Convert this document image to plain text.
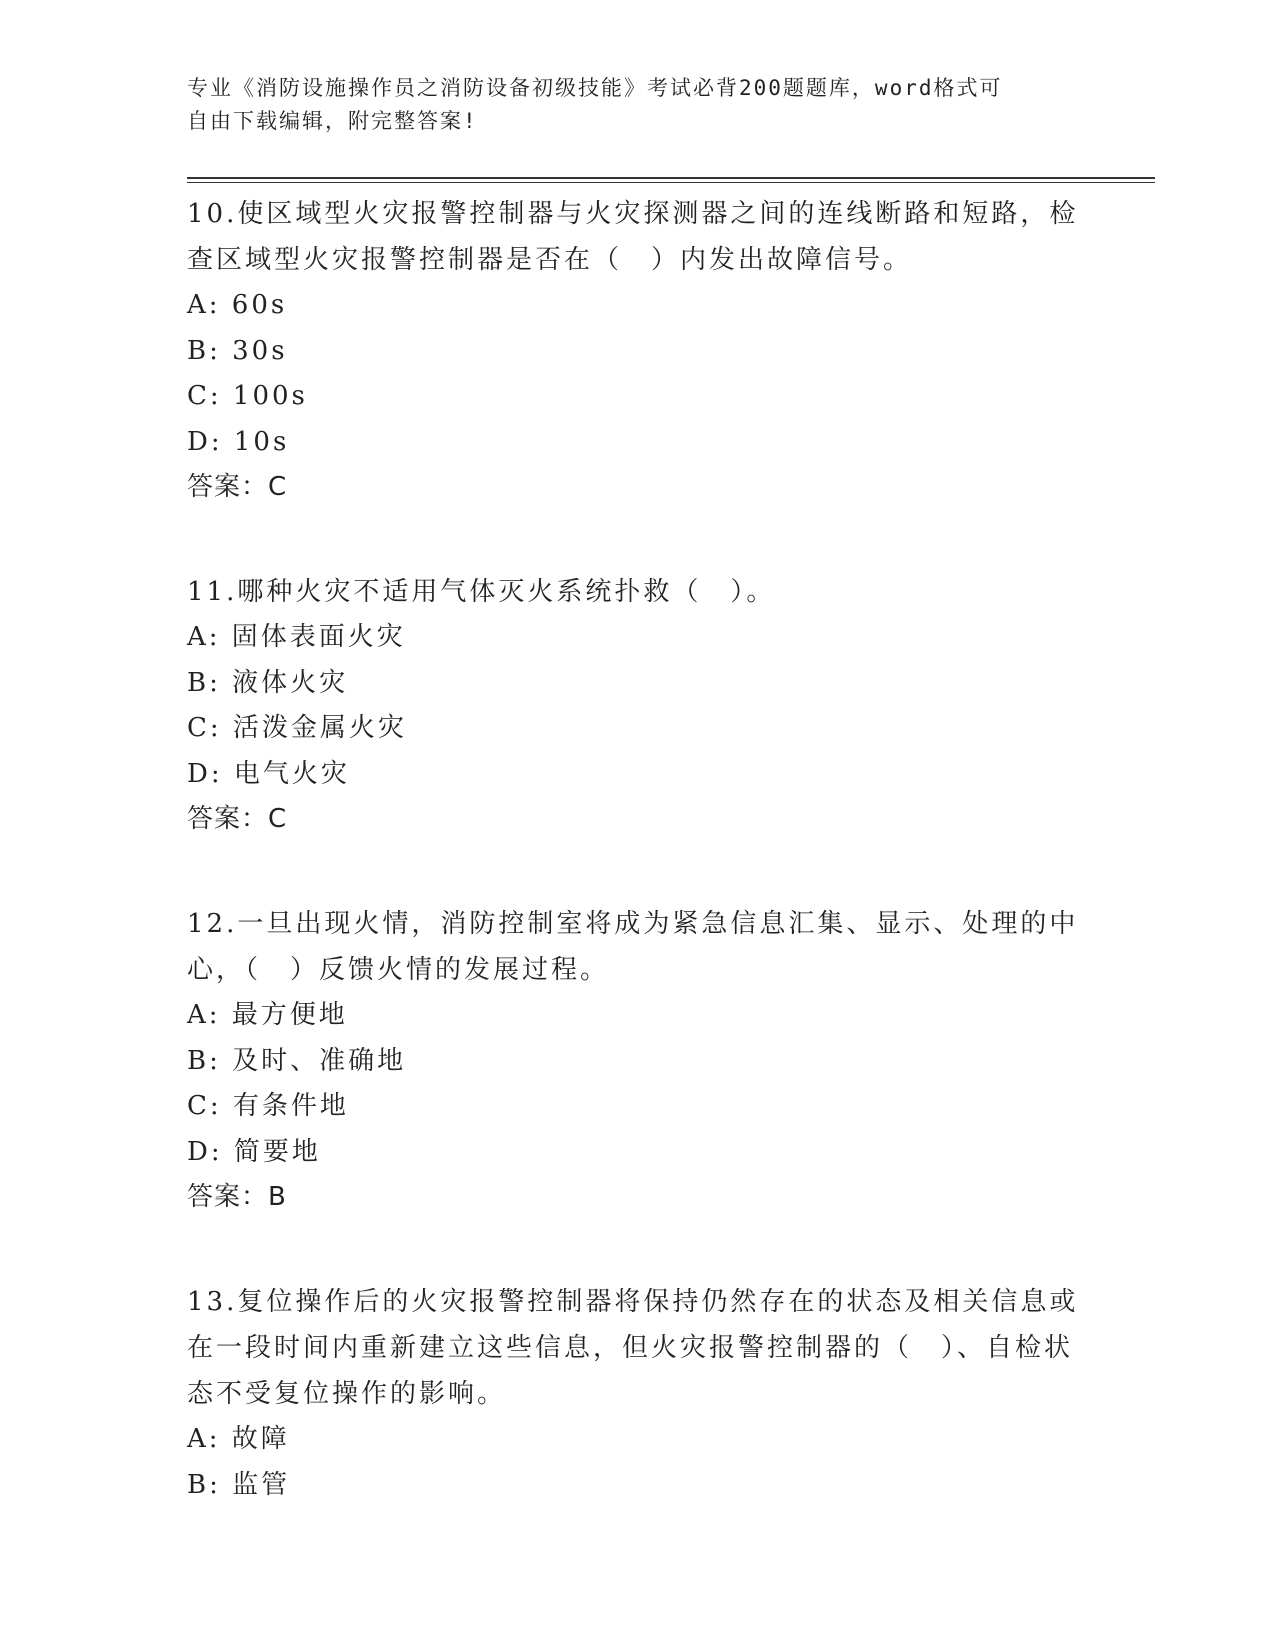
专业《消防设施操作员之消防设备初级技能》考试必背200题题库，word格式可
自由下载编辑，附完整答案!
10.使区域型火灾报警控制器与火灾探测器之间的连线断路和短路，检查区域型火灾报警控制器是否在（　）内发出故障信号。
A: 60s
B: 30s
C: 100s
D: 10s
答案：C
11.哪种火灾不适用气体灭火系统扑救（　）。
A: 固体表面火灾
B: 液体火灾
C: 活泼金属火灾
D: 电气火灾
答案：C
12.一旦出现火情，消防控制室将成为紧急信息汇集、显示、处理的中心，（　）反馈火情的发展过程。
A: 最方便地
B: 及时、准确地
C: 有条件地
D: 简要地
答案：B
13.复位操作后的火灾报警控制器将保持仍然存在的状态及相关信息或在一段时间内重新建立这些信息，但火灾报警控制器的（　）、自检状态不受复位操作的影响。
A: 故障
B: 监管
